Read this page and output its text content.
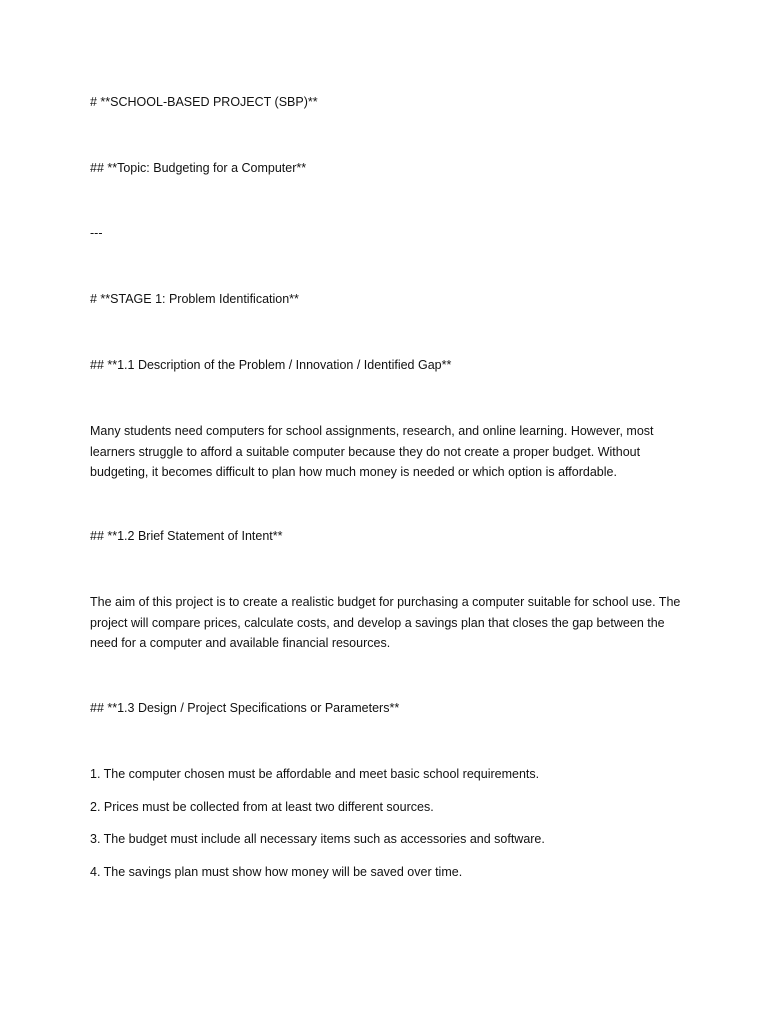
# **SCHOOL-BASED PROJECT (SBP)**

## **Topic: Budgeting for a Computer**

---

# **STAGE 1: Problem Identification**

## **1.1 Description of the Problem / Innovation / Identified Gap**

Many students need computers for school assignments, research, and online learning. However, most learners struggle to afford a suitable computer because they do not create a proper budget. Without budgeting, it becomes difficult to plan how much money is needed or which option is affordable.

## **1.2 Brief Statement of Intent**

The aim of this project is to create a realistic budget for purchasing a computer suitable for school use. The project will compare prices, calculate costs, and develop a savings plan that closes the gap between the need for a computer and available financial resources.

## **1.3 Design / Project Specifications or Parameters**

1. The computer chosen must be affordable and meet basic school requirements.

2. Prices must be collected from at least two different sources.

3. The budget must include all necessary items such as accessories and software.

4. The savings plan must show how money will be saved over time.
